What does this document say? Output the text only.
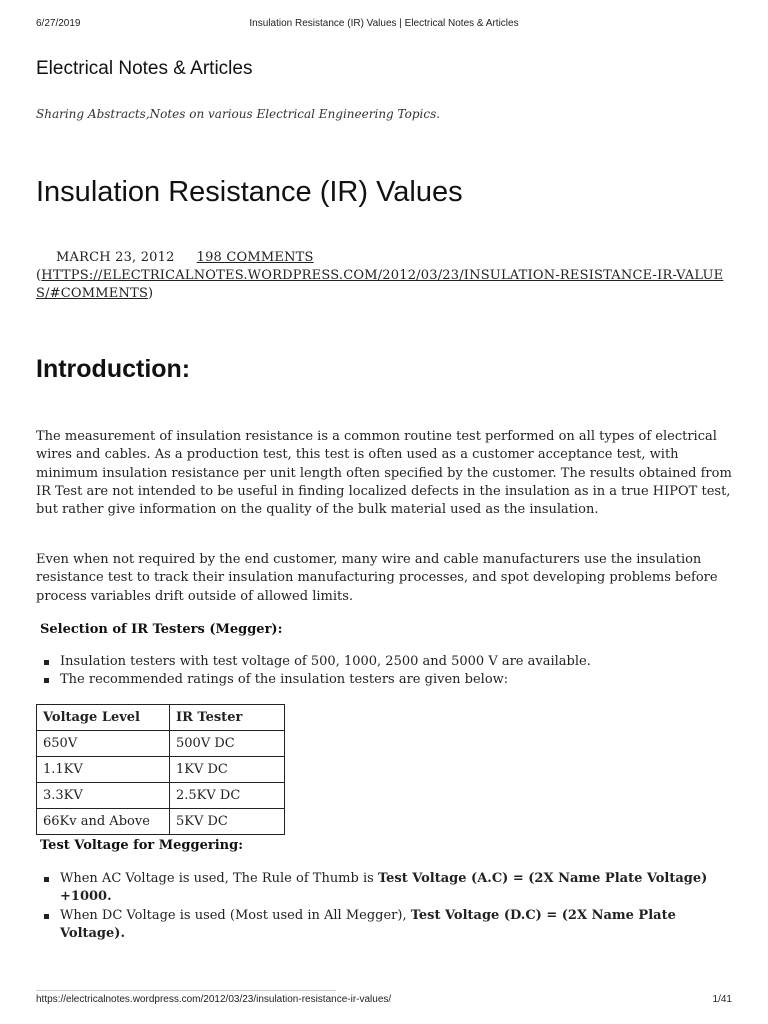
6/27/2019	Insulation Resistance (IR) Values | Electrical Notes & Articles
Electrical Notes & Articles
Sharing Abstracts,Notes on various Electrical Engineering Topics.
Insulation Resistance (IR) Values
MARCH 23, 2012 198 COMMENTS
(HTTPS://ELECTRICALNOTES.WORDPRESS.COM/2012/03/23/INSULATION-RESISTANCE-IR-VALUES/#COMMENTS)
Introduction:

The measurement of insulation resistance is a common routine test performed on all types of electrical wires and cables. As a production test, this test is often used as a customer acceptance test, with minimum insulation resistance per unit length often specified by the customer. The results obtained from IR Test are not intended to be useful in finding localized defects in the insulation as in a true HIPOT test, but rather give information on the quality of the bulk material used as the insulation.

Even when not required by the end customer, many wire and cable manufacturers use the insulation resistance test to track their insulation manufacturing processes, and spot developing problems before process variables drift outside of allowed limits.

Selection of IR Testers (Megger):
Insulation testers with test voltage of 500, 1000, 2500 and 5000 V are available.
The recommended ratings of the insulation testers are given below:
Voltage Level	IR Tester
650V	500V DC
1.1KV	1KV DC
3.3KV	2.5KV DC
66Kv and Above	5KV DC
Test Voltage for Meggering:
When AC Voltage is used, The Rule of Thumb is Test Voltage (A.C) = (2X Name Plate Voltage) +1000.
When DC Voltage is used (Most used in All Megger), Test Voltage (D.C) = (2X Name Plate Voltage).
https://electricalnotes.wordpress.com/2012/03/23/insulation-resistance-ir-values/	1/41
